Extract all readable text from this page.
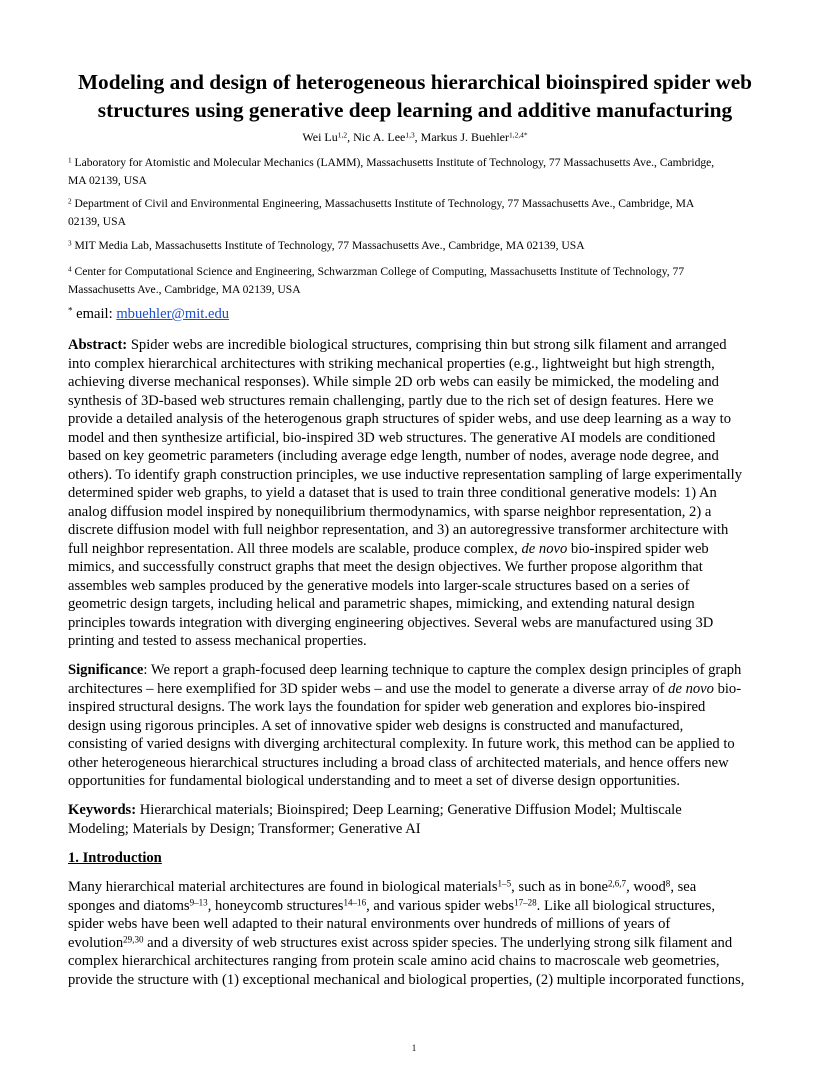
Modeling and design of heterogeneous hierarchical bioinspired spider web
structures using generative deep learning and additive manufacturing
Wei Lu$^{1,2}$, Nic A. Lee$^{1,3}$, Markus J. Buehler$^{1,2,4*}$
$^1$ Laboratory for Atomistic and Molecular Mechanics (LAMM), Massachusetts Institute of Technology, 77 Massachusetts Ave., Cambridge,
MA 02139, USA
$^2$ Department of Civil and Environmental Engineering, Massachusetts Institute of Technology, 77 Massachusetts Ave., Cambridge, MA
02139, USA
$^3$ MIT Media Lab, Massachusetts Institute of Technology, 77 Massachusetts Ave., Cambridge, MA 02139, USA
$^4$ Center for Computational Science and Engineering, Schwarzman College of Computing, Massachusetts Institute of Technology, 77
Massachusetts Ave., Cambridge, MA 02139, USA
* email: mbuehler@mit.edu
Abstract: Spider webs are incredible biological structures, comprising thin but strong silk filament and arranged
into complex hierarchical architectures with striking mechanical properties (e.g., lightweight but high strength,
achieving diverse mechanical responses). While simple 2D orb webs can easily be mimicked, the modeling and
synthesis of 3D-based web structures remain challenging, partly due to the rich set of design features. Here we
provide a detailed analysis of the heterogenous graph structures of spider webs, and use deep learning as a way to
model and then synthesize artificial, bio-inspired 3D web structures. The generative AI models are conditioned
based on key geometric parameters (including average edge length, number of nodes, average node degree, and
others). To identify graph construction principles, we use inductive representation sampling of large experimentally
determined spider web graphs, to yield a dataset that is used to train three conditional generative models: 1) An
analog diffusion model inspired by nonequilibrium thermodynamics, with sparse neighbor representation, 2) a
discrete diffusion model with full neighbor representation, and 3) an autoregressive transformer architecture with
full neighbor representation. All three models are scalable, produce complex, de novo bio-inspired spider web
mimics, and successfully construct graphs that meet the design objectives. We further propose algorithm that
assembles web samples produced by the generative models into larger-scale structures based on a series of
geometric design targets, including helical and parametric shapes, mimicking, and extending natural design
principles towards integration with diverging engineering objectives. Several webs are manufactured using 3D
printing and tested to assess mechanical properties.
Significance: We report a graph-focused deep learning technique to capture the complex design principles of graph
architectures – here exemplified for 3D spider webs – and use the model to generate a diverse array of de novo bio-
inspired structural designs. The work lays the foundation for spider web generation and explores bio-inspired
design using rigorous principles. A set of innovative spider web designs is constructed and manufactured,
consisting of varied designs with diverging architectural complexity. In future work, this method can be applied to
other heterogeneous hierarchical structures including a broad class of architected materials, and hence offers new
opportunities for fundamental biological understanding and to meet a set of diverse design opportunities.
Keywords: Hierarchical materials; Bioinspired; Deep Learning; Generative Diffusion Model; Multiscale
Modeling; Materials by Design; Transformer; Generative AI
1. Introduction
Many hierarchical material architectures are found in biological materials$^{1-5}$, such as in bone$^{2,6,7}$, wood$^8$, sea
sponges and diatoms$^{9-13}$, honeycomb structures$^{14-16}$, and various spider webs$^{17-28}$. Like all biological structures,
spider webs have been well adapted to their natural environments over hundreds of millions of years of
evolution$^{29,30}$ and a diversity of web structures exist across spider species. The underlying strong silk filament and
complex hierarchical architectures ranging from protein scale amino acid chains to macroscale web geometries,
provide the structure with (1) exceptional mechanical and biological properties, (2) multiple incorporated functions,
1
